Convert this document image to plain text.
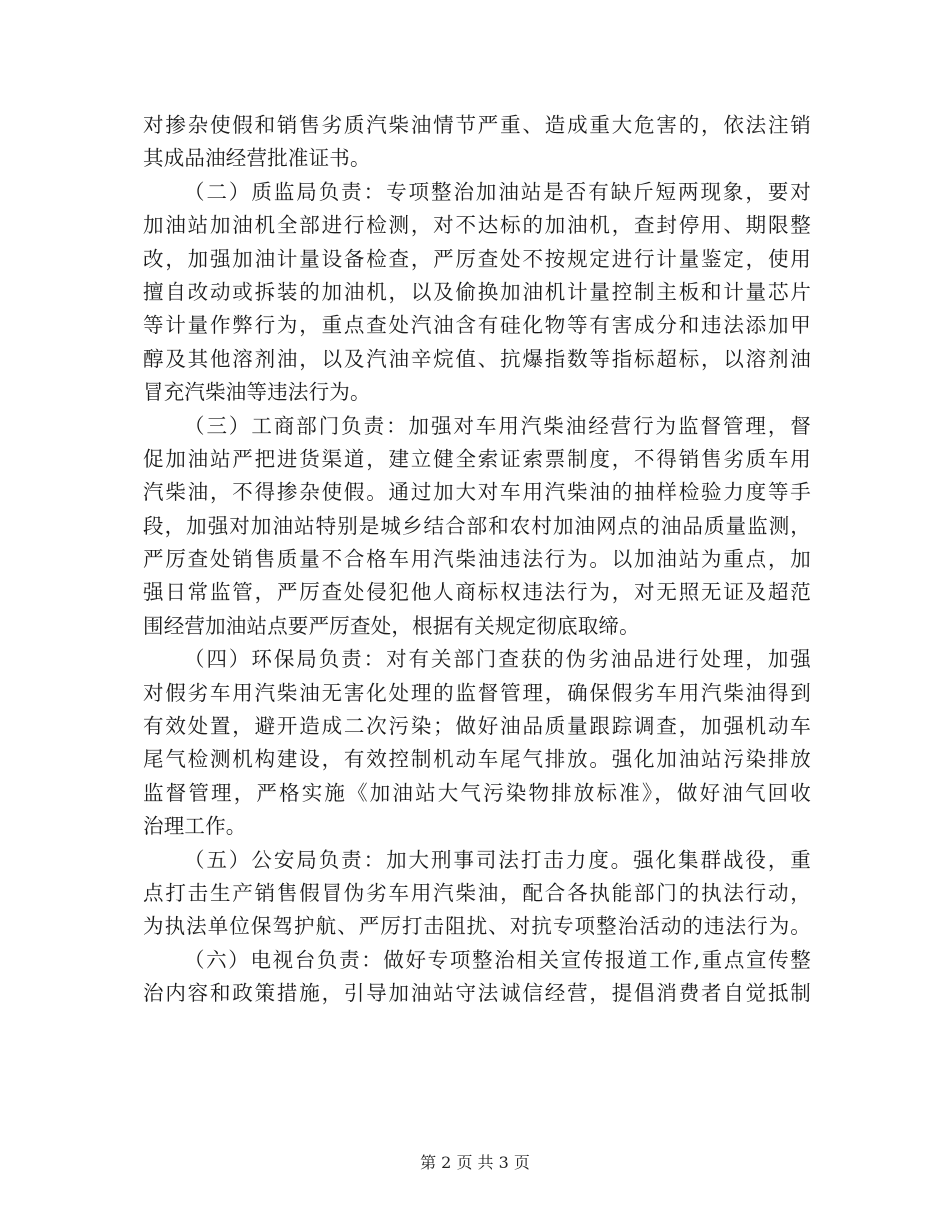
对掺杂使假和销售劣质汽柴油情节严重、造成重大危害的，依法注销
其成品油经营批准证书。
（二）质监局负责：专项整治加油站是否有缺斤短两现象，要对
加油站加油机全部进行检测，对不达标的加油机，查封停用、期限整
改，加强加油计量设备检查，严厉查处不按规定进行计量鉴定，使用
擅自改动或拆装的加油机，以及偷换加油机计量控制主板和计量芯片
等计量作弊行为，重点查处汽油含有硅化物等有害成分和违法添加甲
醇及其他溶剂油，以及汽油辛烷值、抗爆指数等指标超标，以溶剂油
冒充汽柴油等违法行为。
（三）工商部门负责：加强对车用汽柴油经营行为监督管理，督
促加油站严把进货渠道，建立健全索证索票制度，不得销售劣质车用
汽柴油，不得掺杂使假。通过加大对车用汽柴油的抽样检验力度等手
段，加强对加油站特别是城乡结合部和农村加油网点的油品质量监测，
严厉查处销售质量不合格车用汽柴油违法行为。以加油站为重点，加
强日常监管，严厉查处侵犯他人商标权违法行为，对无照无证及超范
围经营加油站点要严厉查处，根据有关规定彻底取缔。
（四）环保局负责：对有关部门查获的伪劣油品进行处理，加强
对假劣车用汽柴油无害化处理的监督管理，确保假劣车用汽柴油得到
有效处置，避开造成二次污染；做好油品质量跟踪调查，加强机动车
尾气检测机构建设，有效控制机动车尾气排放。强化加油站污染排放
监督管理，严格实施《加油站大气污染物排放标准》，做好油气回收
治理工作。
（五）公安局负责：加大刑事司法打击力度。强化集群战役，重
点打击生产销售假冒伪劣车用汽柴油，配合各执能部门的执法行动，
为执法单位保驾护航、严厉打击阻扰、对抗专项整治活动的违法行为。
（六）电视台负责：做好专项整治相关宣传报道工作,重点宣传整
治内容和政策措施，引导加油站守法诚信经营，提倡消费者自觉抵制
第 2 页 共 3 页
